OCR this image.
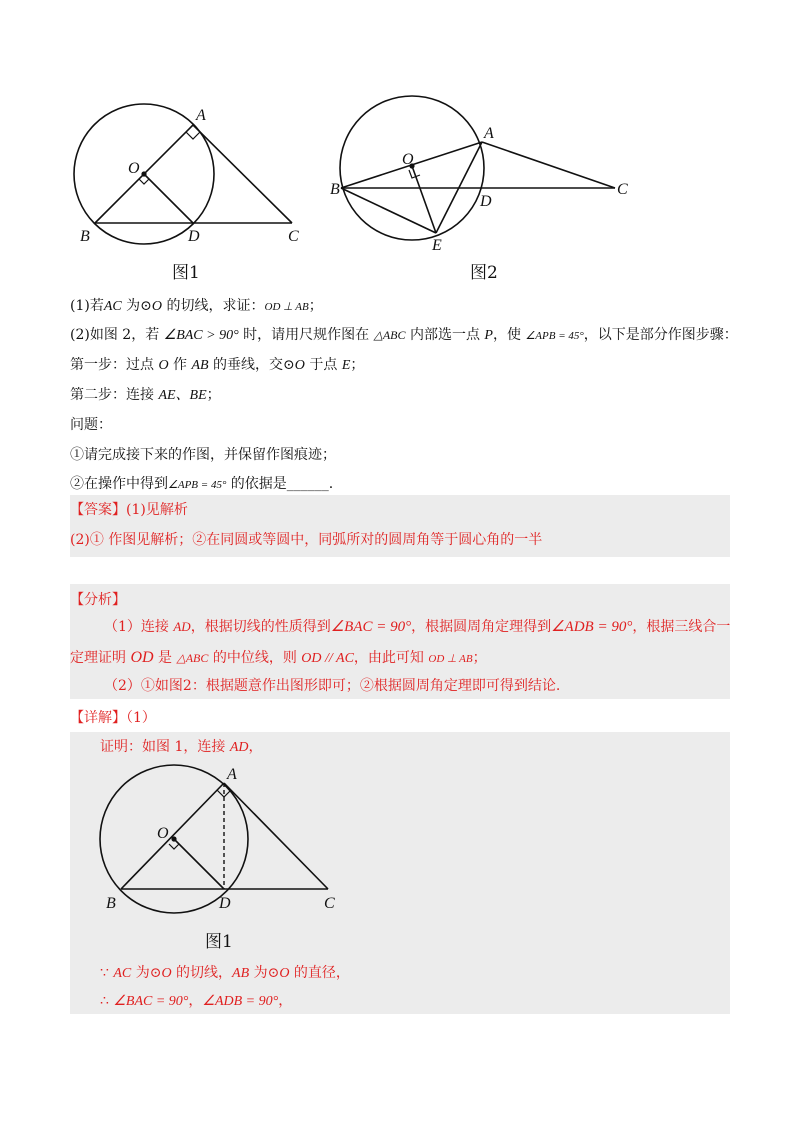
A
O
B	D	C
图1
A
O
B
D
C
E
图2
(1)若AC 为⊙O 的切线，求证：OD ⊥ AB；
(2)如图 2，若 ∠BAC > 90° 时，请用尺规作图在 △ABC 内部选一点 P，使 ∠APB = 45°，以下是部分作图步骤：
第一步：过点 O 作 AB 的垂线，交⊙O 于点 E；
第二步：连接 AE、BE；
问题：
①请完成接下来的作图，并保留作图痕迹；
②在操作中得到∠APB = 45° 的依据是______.
【答案】(1)见解析
(2)① 作图见解析；②在同圆或等圆中，同弧所对的圆周角等于圆心角的一半
【分析】
（1）连接 AD，根据切线的性质得到∠BAC = 90°，根据圆周角定理得到∠ADB = 90°，根据三线合一
定理证明 OD 是 △ABC 的中位线，则 OD // AC，由此可知 OD ⊥ AB；
（2）①如图2：根据题意作出图形即可；②根据圆周角定理即可得到结论.
【详解】（1）
证明：如图 1，连接 AD，
A
O
B	D	C
图1
∵ AC 为⊙O 的切线，AB 为⊙O 的直径，
∴ ∠BAC = 90°，∠ADB = 90°，
